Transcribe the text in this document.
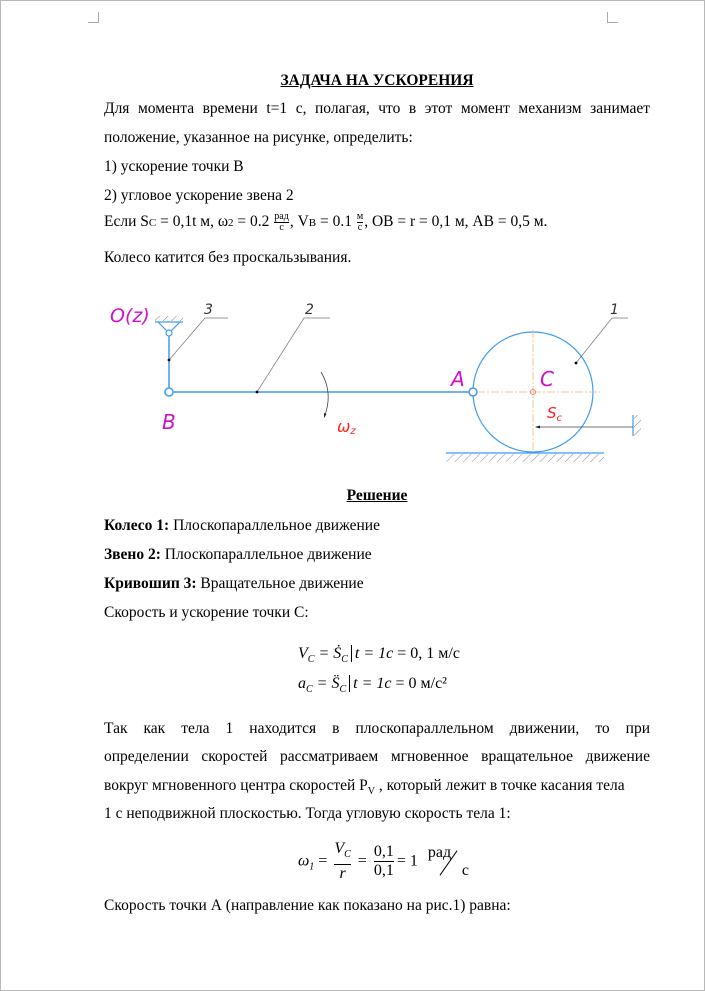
ЗАДАЧА НА УСКОРЕНИЯ
Для момента времени t=1 с, полагая, что в этот момент механизм занимает
положение, указанное на рисунке, определить:
1) ускорение точки B
2) угловое ускорение звена 2
Если SC = 0,1t м, $\omega 2 = 0.2 \frac{\text{рад}}{с}$ , VB = $0.1 \frac{м}{с}$ , OB = r = 0,1 м, AB = 0,5 м.
Колесо катится без проскальзывания.
O(z)	3	2	1
A	C
B	ωz
$S_c$
Решение
Колесо 1: Плоскопараллельное движение
Звено 2: Плоскопараллельное движение
Кривошип 3: Вращательное движение
Скорость и ускорение точки С:
$V_C$ = Ṡ$_C$ t = 1c = 0, 1 м/с
$a_C$ = $S̈_C$ t = 1c = 0 м/с²
Так как тела 1 находится в плоскопараллельном движении, то при
определении скоростей рассматриваем мгновенное вращательное движение
вокруг мгновенного центра скоростей $P_V$ , который лежит в точке касания тела
1 с неподвижной плоскостью. Тогда угловую скорость тела 1:
$\omega_1 = \frac{V_C}{r} = \frac{0,1}{0,1} = 1$
рад
с
Скорость точки А (направление как показано на рис.1) равна:
